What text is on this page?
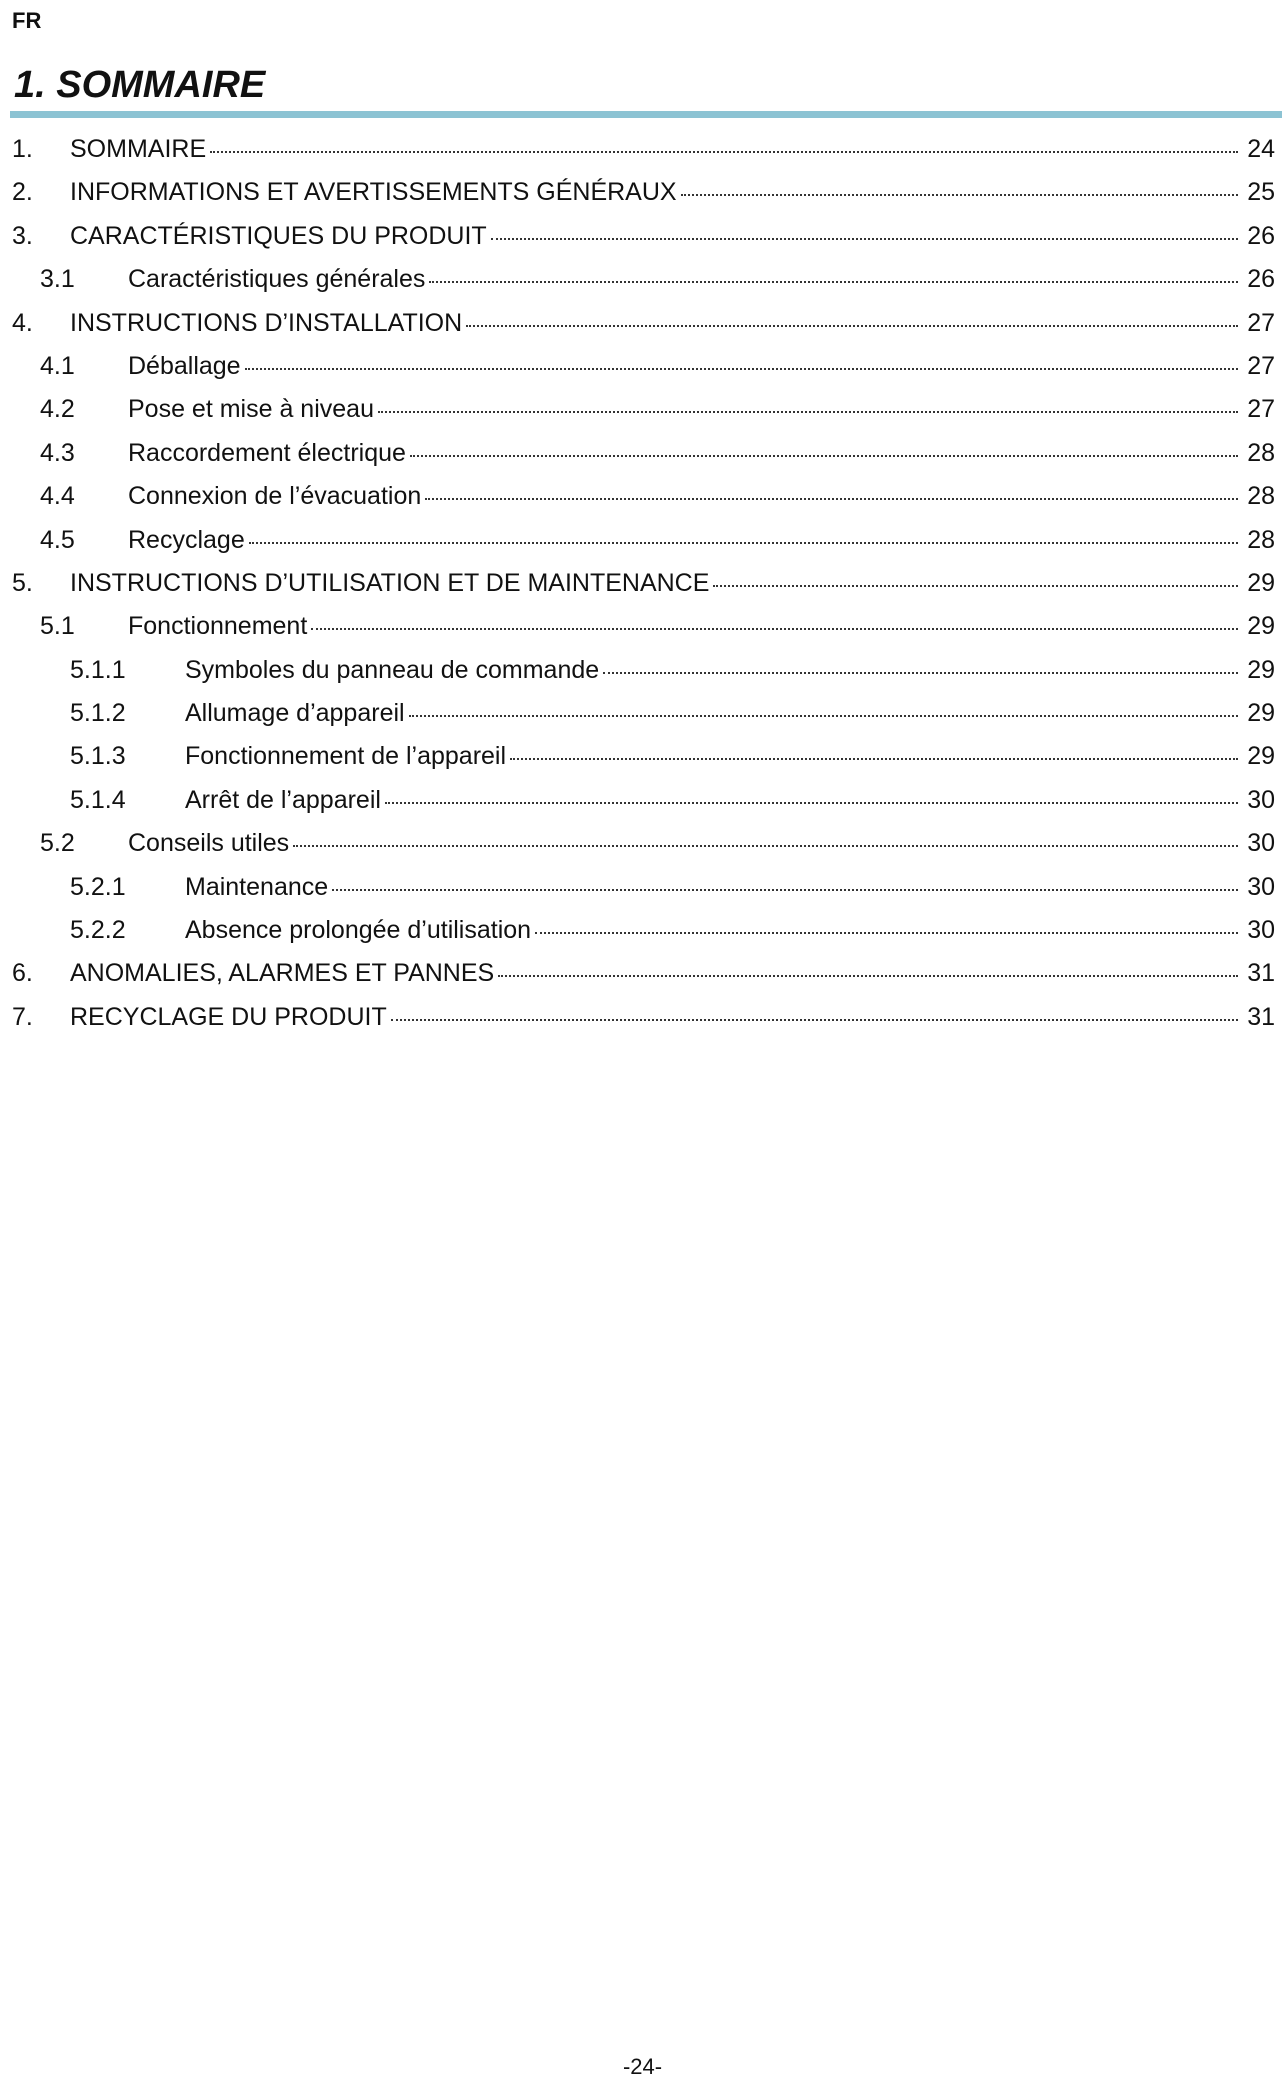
FR
1. SOMMAIRE
1. SOMMAIRE	24
2. INFORMATIONS ET AVERTISSEMENTS GÉNÉRAUX	25
3. CARACTÉRISTIQUES DU PRODUIT	26
3.1 Caractéristiques générales	26
4. INSTRUCTIONS D’INSTALLATION	27
4.1 Déballage	27
4.2 Pose et mise à niveau	27
4.3 Raccordement électrique	28
4.4 Connexion de l’évacuation	28
4.5 Recyclage	28
5. INSTRUCTIONS D’UTILISATION ET DE MAINTENANCE	29
5.1 Fonctionnement	29
5.1.1 Symboles du panneau de commande	29
5.1.2 Allumage d’appareil	29
5.1.3 Fonctionnement de l’appareil	29
5.1.4 Arrêt de l’appareil	30
5.2 Conseils utiles	30
5.2.1 Maintenance	30
5.2.2 Absence prolongée d’utilisation	30
6. ANOMALIES, ALARMES ET PANNES	31
7. RECYCLAGE DU PRODUIT	31
-24-
